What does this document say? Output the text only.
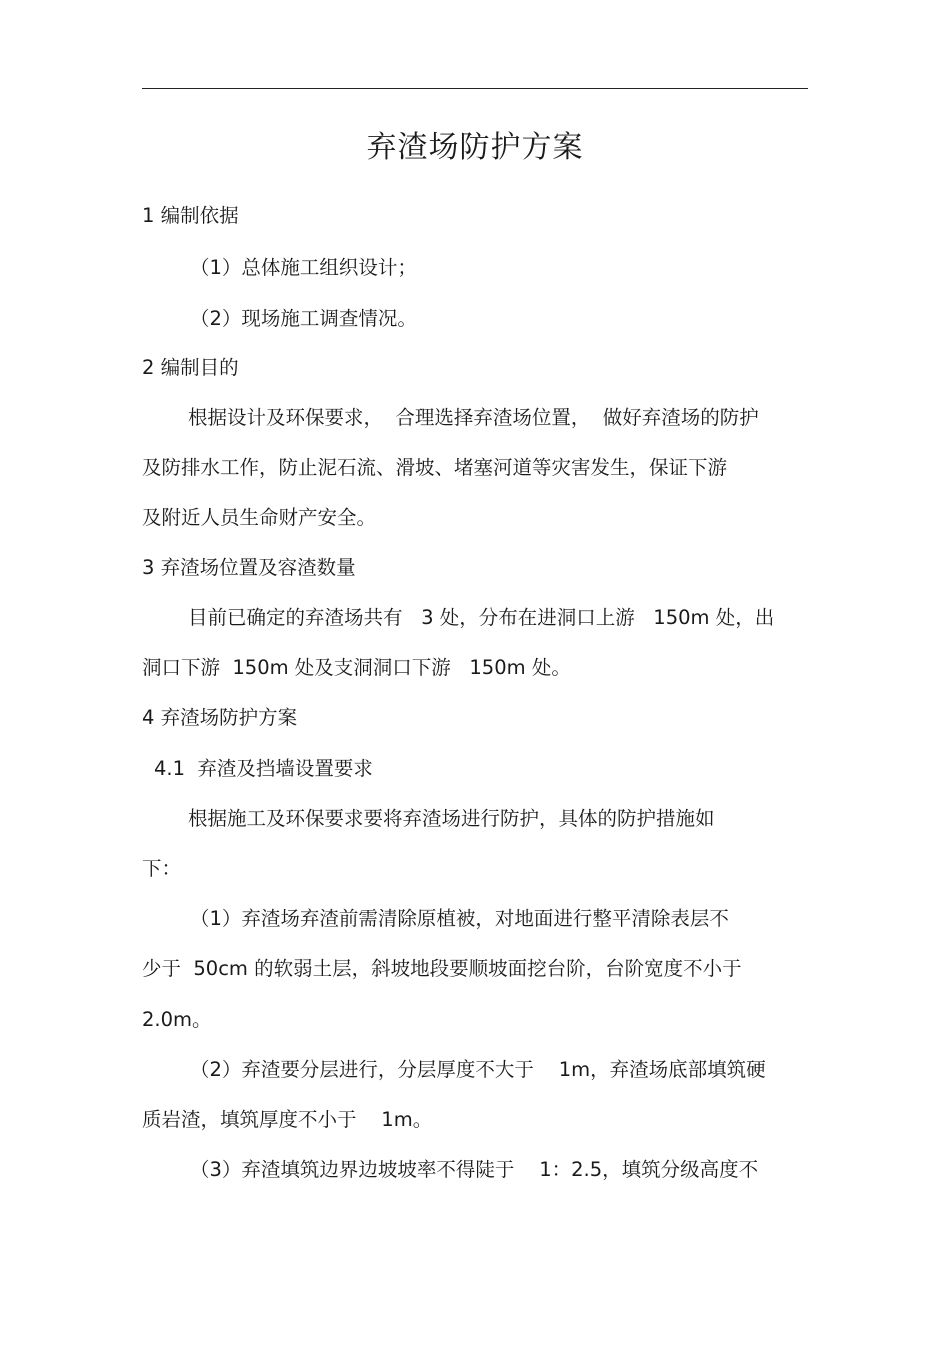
弃渣场防护方案
1 编制依据
（1）总体施工组织设计；
（2）现场施工调查情况。
2 编制目的
根据设计及环保要求，  合理选择弃渣场位置，  做好弃渣场的防护
及防排水工作，防止泥石流、滑坡、堵塞河道等灾害发生，保证下游
及附近人员生命财产安全。
3 弃渣场位置及容渣数量
目前已确定的弃渣场共有   3 处，分布在进洞口上游   150m 处，出
洞口下游  150m 处及支洞洞口下游   150m 处。
4 弃渣场防护方案
4.1  弃渣及挡墙设置要求
根据施工及环保要求要将弃渣场进行防护，具体的防护措施如
下：
（1）弃渣场弃渣前需清除原植被，对地面进行整平清除表层不
少于  50cm 的软弱土层，斜坡地段要顺坡面挖台阶，台阶宽度不小于
2.0m。
（2）弃渣要分层进行，分层厚度不大于    1m，弃渣场底部填筑硬
质岩渣，填筑厚度不小于    1m。
（3）弃渣填筑边界边坡坡率不得陡于    1：2.5，填筑分级高度不
